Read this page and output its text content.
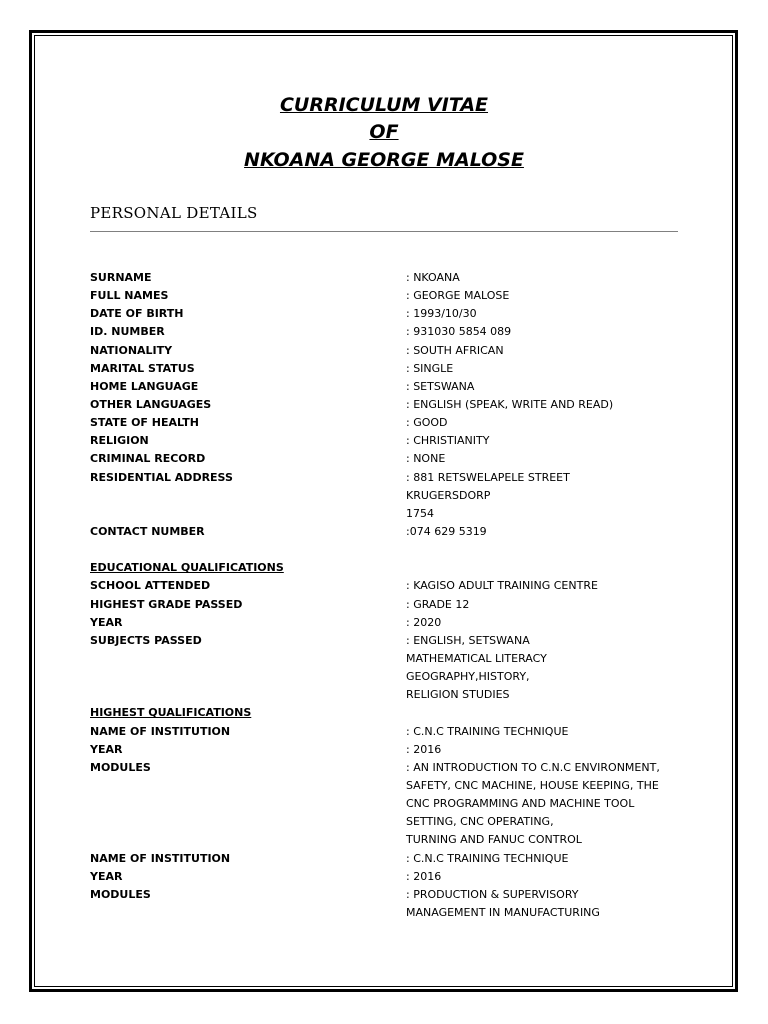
CURRICULUM VITAE
OF
NKOANA GEORGE MALOSE
PERSONAL DETAILS
SURNAME	: NKOANA
FULL NAMES	: GEORGE MALOSE
DATE OF BIRTH	: 1993/10/30
ID. NUMBER	: 931030 5854 089
NATIONALITY	: SOUTH AFRICAN
MARITAL STATUS	: SINGLE
HOME LANGUAGE	: SETSWANA
OTHER LANGUAGES	: ENGLISH (SPEAK, WRITE AND READ)
STATE OF HEALTH	: GOOD
RELIGION	: CHRISTIANITY
CRIMINAL RECORD	: NONE
RESIDENTIAL ADDRESS	: 881 RETSWELAPELE STREET
KRUGERSDORP
1754
CONTACT NUMBER	:074 629 5319
EDUCATIONAL QUALIFICATIONS
SCHOOL ATTENDED	: KAGISO ADULT TRAINING CENTRE
HIGHEST GRADE PASSED	: GRADE 12
YEAR	: 2020
SUBJECTS PASSED	: ENGLISH, SETSWANA
MATHEMATICAL LITERACY
GEOGRAPHY,HISTORY,
RELIGION STUDIES
HIGHEST QUALIFICATIONS
NAME OF INSTITUTION	: C.N.C TRAINING TECHNIQUE
YEAR	: 2016
MODULES	: AN INTRODUCTION TO C.N.C ENVIRONMENT,
SAFETY, CNC MACHINE, HOUSE KEEPING, THE
CNC PROGRAMMING AND MACHINE TOOL
SETTING, CNC OPERATING,
TURNING AND FANUC CONTROL
NAME OF INSTITUTION	: C.N.C TRAINING TECHNIQUE
YEAR	: 2016
MODULES	: PRODUCTION & SUPERVISORY
MANAGEMENT IN MANUFACTURING
